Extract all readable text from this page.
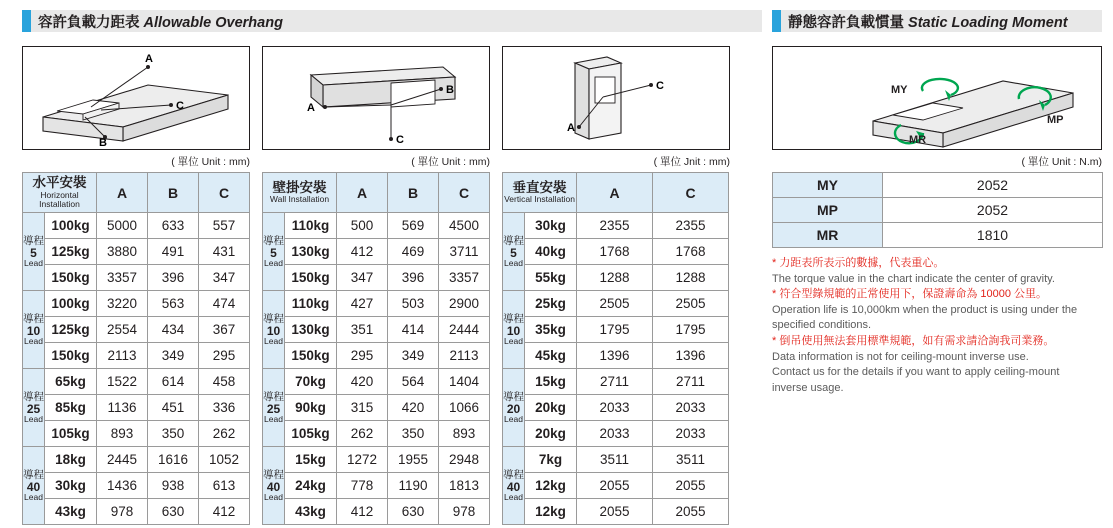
容許負載力距表 Allowable Overhang	靜態容許負載慣量 Static Loading Moment
A
B
C	A
B
C
A
C	MY
MP
MR
( 單位 Unit : mm)	( 單位 Unit : mm)	( 單位 Jnit : mm)	( 單位 Unit : N.m)
水平安裝
Horizontal Installation		A	B	C

導程
5
Lead	100kg	5000	633	557
	125kg	3880	491	431
	150kg	3357	396	347

導程
10
Lead	100kg	3220	563	474
	125kg	2554	434	367
	150kg	2113	349	295

導程
25
Lead	65kg	1522	614	458
	85kg	1136	451	336
	105kg	893	350	262

導程
40
Lead	18kg	2445	1616	1052
	30kg	1436	938	613
	43kg	978	630	412
壁掛安裝
Wall Installation		A	B	C

導程
5
Lead	110kg	500	569	4500
	130kg	412	469	3711
	150kg	347	396	3357

導程
10
Lead	110kg	427	503	2900
	130kg	351	414	2444
	150kg	295	349	2113

導程
25
Lead	70kg	420	564	1404
	90kg	315	420	1066
	105kg	262	350	893

導程
40
Lead	15kg	1272	1955	2948
	24kg	778	1190	1813
	43kg	412	630	978
垂直安裝
Vertical Installation		A	C

導程
5
Lead	30kg	2355	2355
	40kg	1768	1768
	55kg	1288	1288

導程
10
Lead	25kg	2505	2505
	35kg	1795	1795
	45kg	1396	1396

導程
20
Lead	15kg	2711	2711
	20kg	2033	2033
	20kg	2033	2033

導程
40
Lead	7kg	3511	3511
	12kg	2055	2055
	12kg	2055	2055
MY	2052
MP	2052
MR	1810
* 力距表所表示的數據，代表重心。
The torque value in the chart indicate the center of gravity.
* 符合型錄規範的正常使用下，保證壽命為 10000 公里。
Operation life is 10,000km when the product is using under the
specified conditions.
* 倒吊使用無法套用標準規範，如有需求請洽詢我司業務。
Data information is not for ceiling-mount inverse use.
Contact us for the details if you want to apply ceiling-mount
inverse usage.
